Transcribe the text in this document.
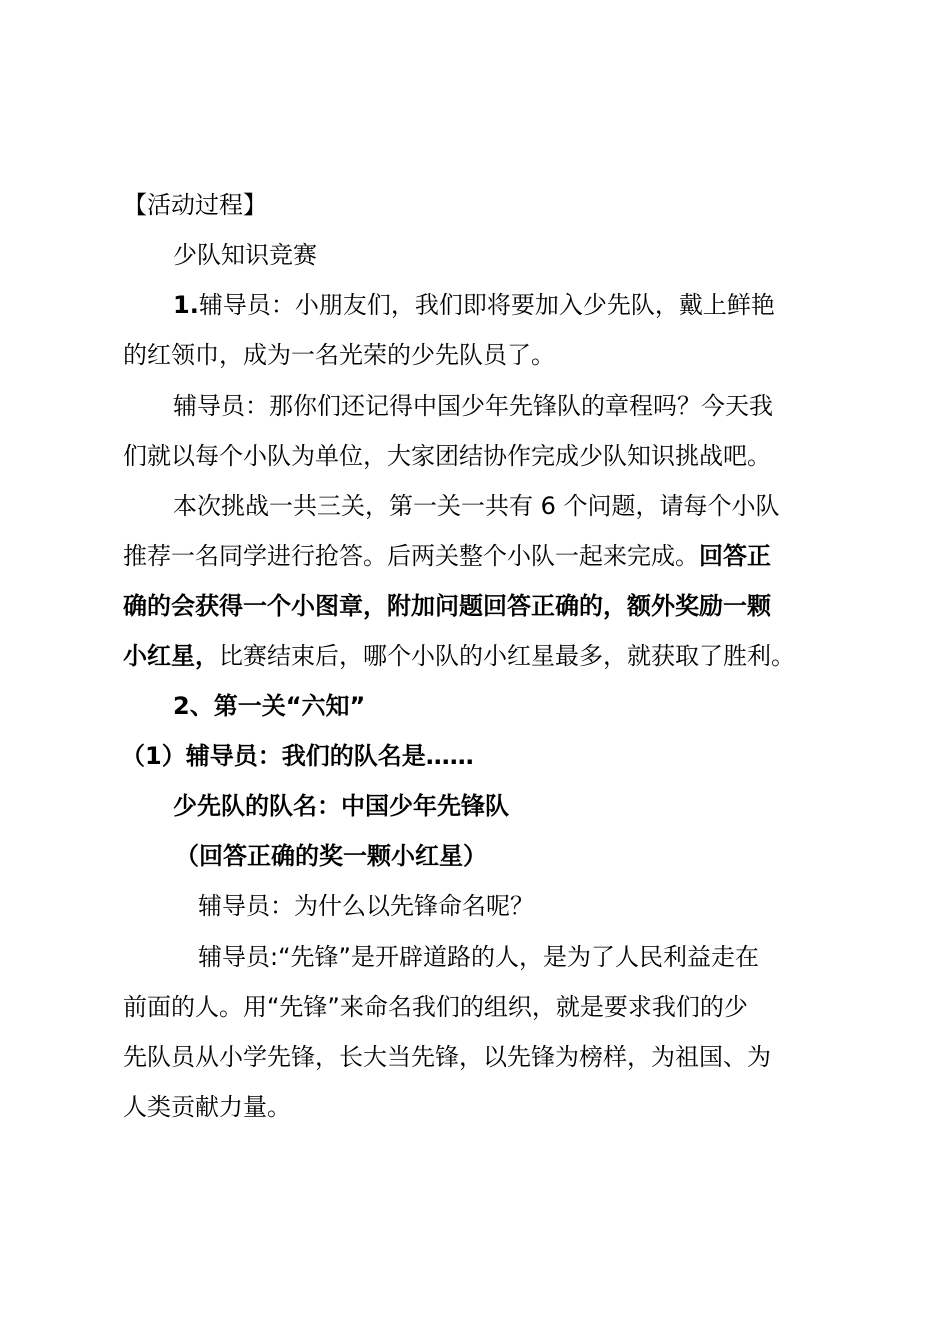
【活动过程】
少队知识竞赛
1.辅导员：小朋友们，我们即将要加入少先队，戴上鲜艳
的红领巾，成为一名光荣的少先队员了。
辅导员：那你们还记得中国少年先锋队的章程吗？今天我
们就以每个小队为单位，大家团结协作完成少队知识挑战吧。
本次挑战一共三关，第一关一共有 6 个问题，请每个小队
推荐一名同学进行抢答。后两关整个小队一起来完成。回答正
确的会获得一个小图章，附加问题回答正确的，额外奖励一颗
小红星，比赛结束后，哪个小队的小红星最多，就获取了胜利。
2、第一关“六知”
（1）辅导员：我们的队名是……
少先队的队名：中国少年先锋队
（回答正确的奖一颗小红星）
辅导员：为什么以先锋命名呢？
辅导员:“先锋”是开辟道路的人，是为了人民利益走在
前面的人。用“先锋”来命名我们的组织，就是要求我们的少
先队员从小学先锋，长大当先锋，以先锋为榜样，为祖国、为
人类贡献力量。
